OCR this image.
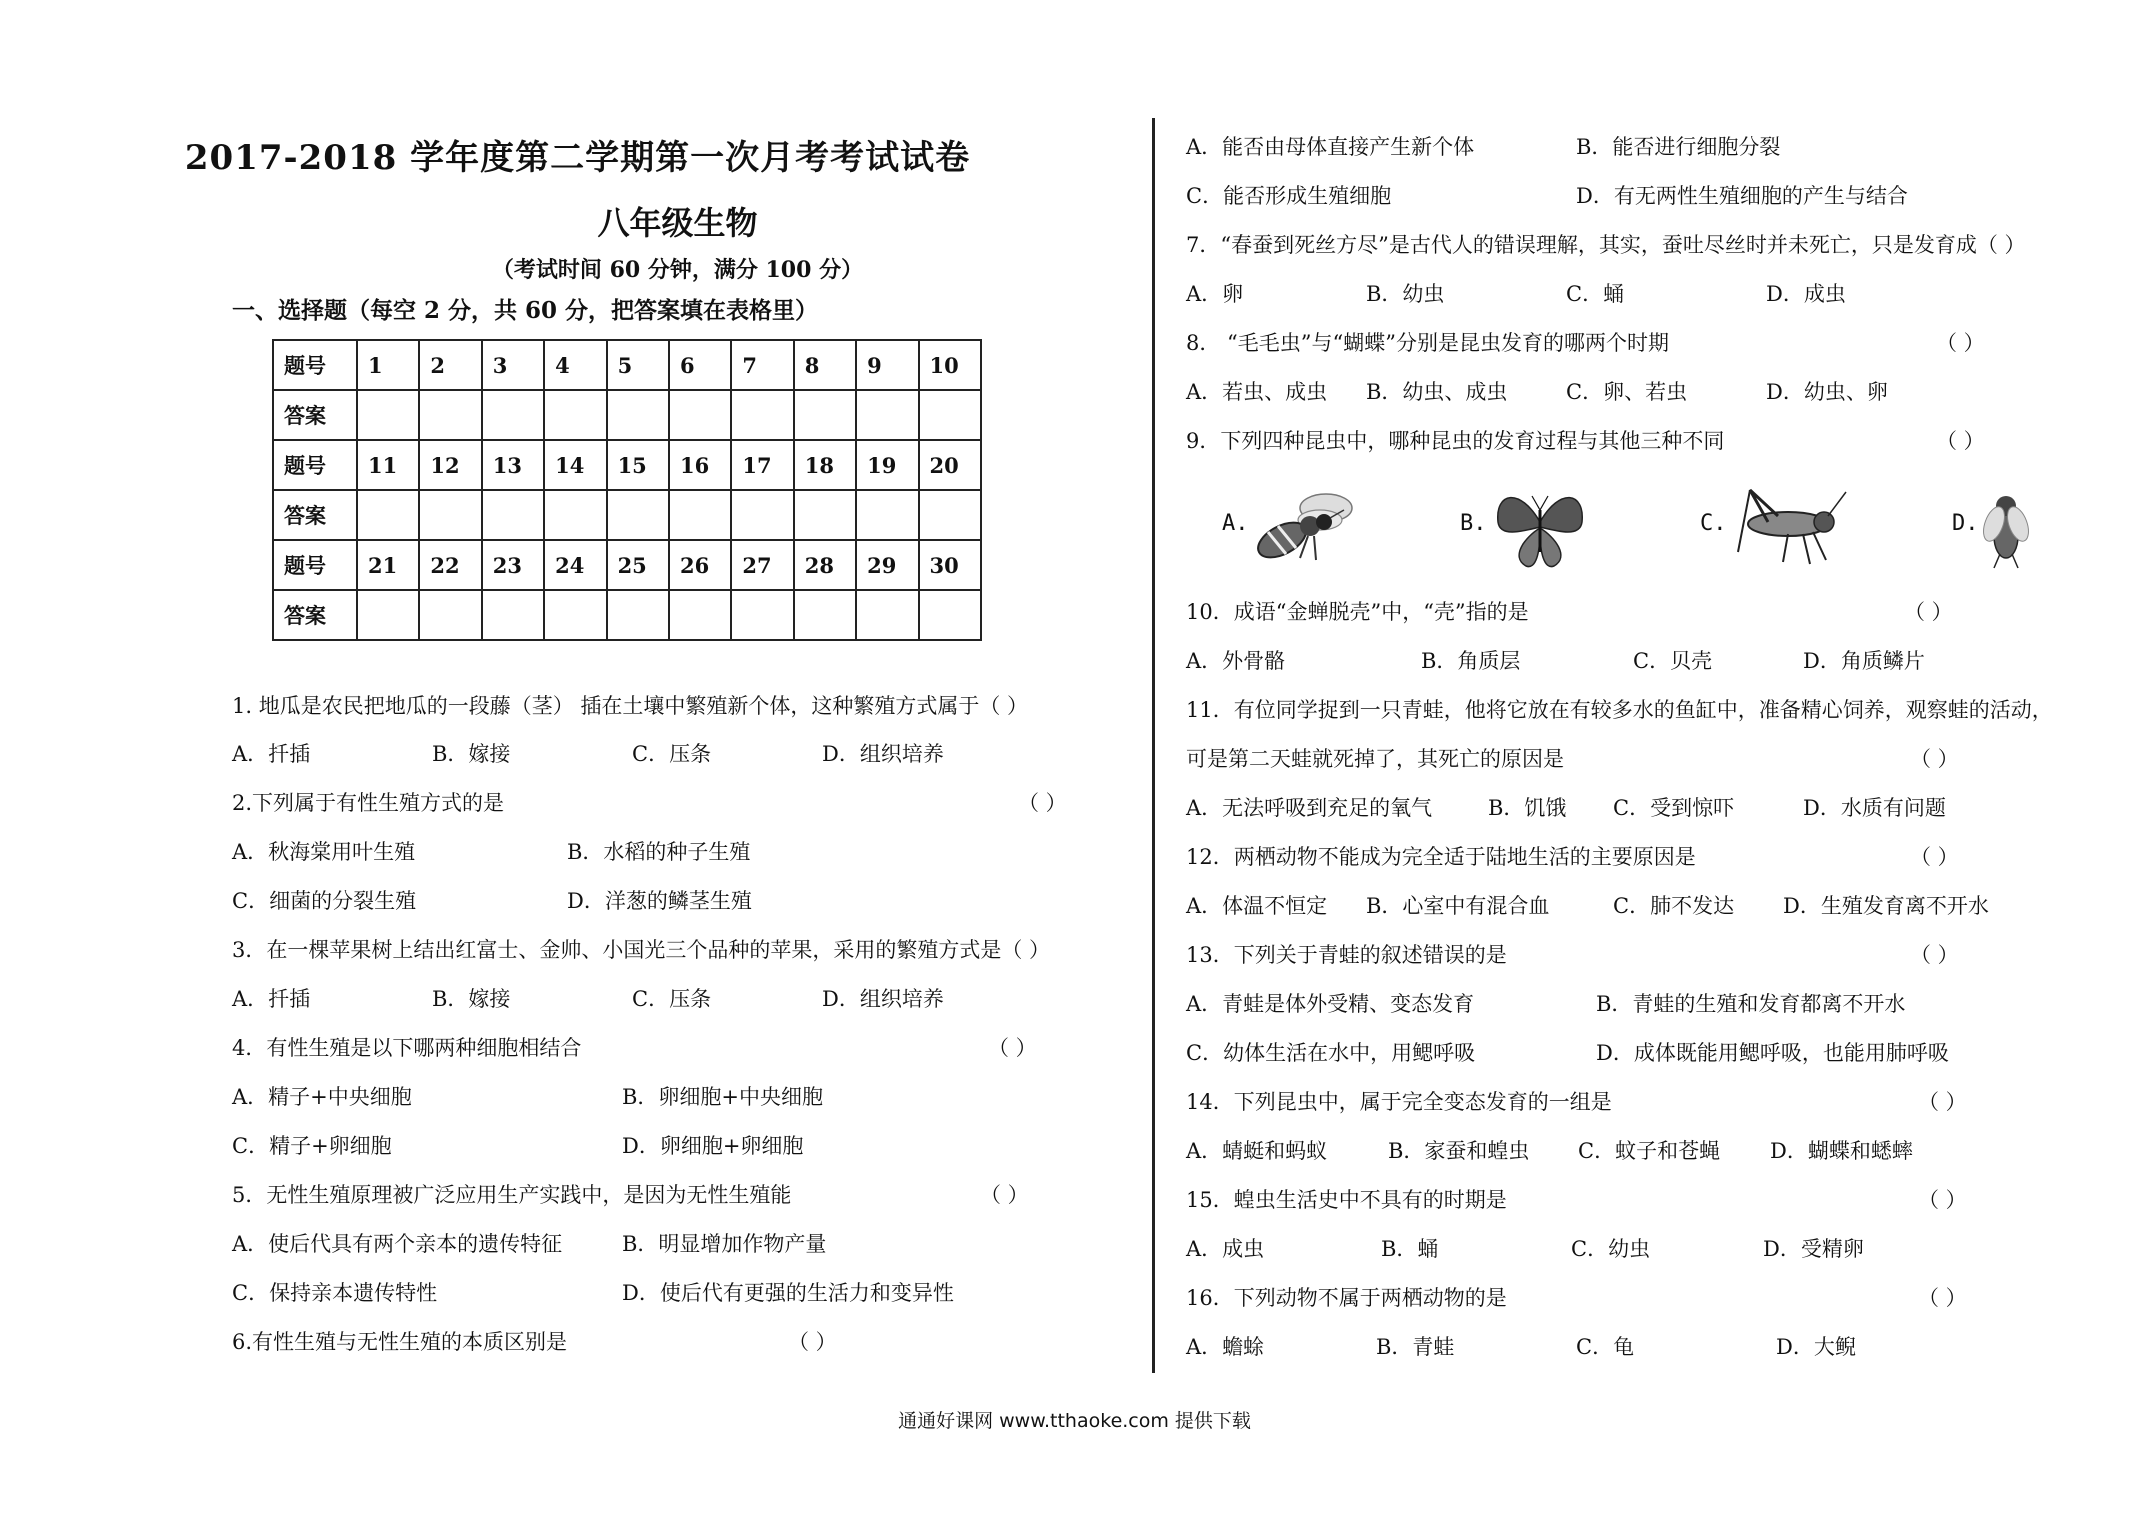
2017-2018 学年度第二学期第一次月考考试试卷
八年级生物
（考试时间 60 分钟，满分 100 分）
一、选择题（每空 2 分，共 60 分，把答案填在表格里）
题号	1	2	3	4	5	6	7	8	9	10
答案										
题号	11	12	13	14	15	16	17	18	19	20
答案										
题号	21	22	23	24	25	26	27	28	29	30
答案										
1. 地瓜是农民把地瓜的一段藤（茎） 插在土壤中繁殖新个体，这种繁殖方式属于（ ）
A．扦插	B．嫁接	C．压条	D．组织培养
2.下列属于有性生殖方式的是	（ ）
A．秋海棠用叶生殖	B．水稻的种子生殖
C．细菌的分裂生殖	D．洋葱的鳞茎生殖
3．在一棵苹果树上结出红富士、金帅、小国光三个品种的苹果，采用的繁殖方式是（ ）
A．扦插	B．嫁接	C．压条	D．组织培养
4．有性生殖是以下哪两种细胞相结合	（ ）
A．精子+中央细胞	B．卵细胞+中央细胞
C．精子+卵细胞	D．卵细胞+卵细胞
5．无性生殖原理被广泛应用生产实践中，是因为无性生殖能	（ ）
A．使后代具有两个亲本的遗传特征	B．明显增加作物产量
C．保持亲本遗传特性	D．使后代有更强的生活力和变异性
6.有性生殖与无性生殖的本质区别是	（ ）
A．能否由母体直接产生新个体	B．能否进行细胞分裂
C．能否形成生殖细胞	D．有无两性生殖细胞的产生与结合
7．“春蚕到死丝方尽”是古代人的错误理解，其实，蚕吐尽丝时并未死亡，只是发育成（ ）
A．卵	B．幼虫	C．蛹	D．成虫
8． “毛毛虫”与“蝴蝶”分别是昆虫发育的哪两个时期	（ ）
A．若虫、成虫 B．幼虫、成虫	C．卵、若虫	D．幼虫、卵
9．下列四种昆虫中，哪种昆虫的发育过程与其他三种不同	（ ）
A.	B.	C.	D.
10．成语“金蝉脱壳”中，“壳”指的是	（ ）
A．外骨骼	B．角质层	C．贝壳	D．角质鳞片
11．有位同学捉到一只青蛙，他将它放在有较多水的鱼缸中，准备精心饲养，观察蛙的活动，
可是第二天蛙就死掉了，其死亡的原因是	（ ）
A．无法呼吸到充足的氧气	B．饥饿 C．受到惊吓	D．水质有问题
12．两栖动物不能成为完全适于陆地生活的主要原因是	（ ）
A．体温不恒定 B．心室中有混合血	C．肺不发达 D．生殖发育离不开水
13．下列关于青蛙的叙述错误的是	（ ）
A．青蛙是体外受精、变态发育	B．青蛙的生殖和发育都离不开水
C．幼体生活在水中，用鳃呼吸	D．成体既能用鳃呼吸，也能用肺呼吸
14．下列昆虫中，属于完全变态发育的一组是	（ ）
A．蜻蜓和蚂蚁	B．家蚕和蝗虫 C．蚊子和苍蝇 D．蝴蝶和蟋蟀
15．蝗虫生活史中不具有的时期是	（ ）
A．成虫	B．蛹	C．幼虫	D．受精卵
16．下列动物不属于两栖动物的是	（ ）
A．蟾蜍	B．青蛙	C．龟	D．大鲵
通通好课网 www.tthaoke.com 提供下载
